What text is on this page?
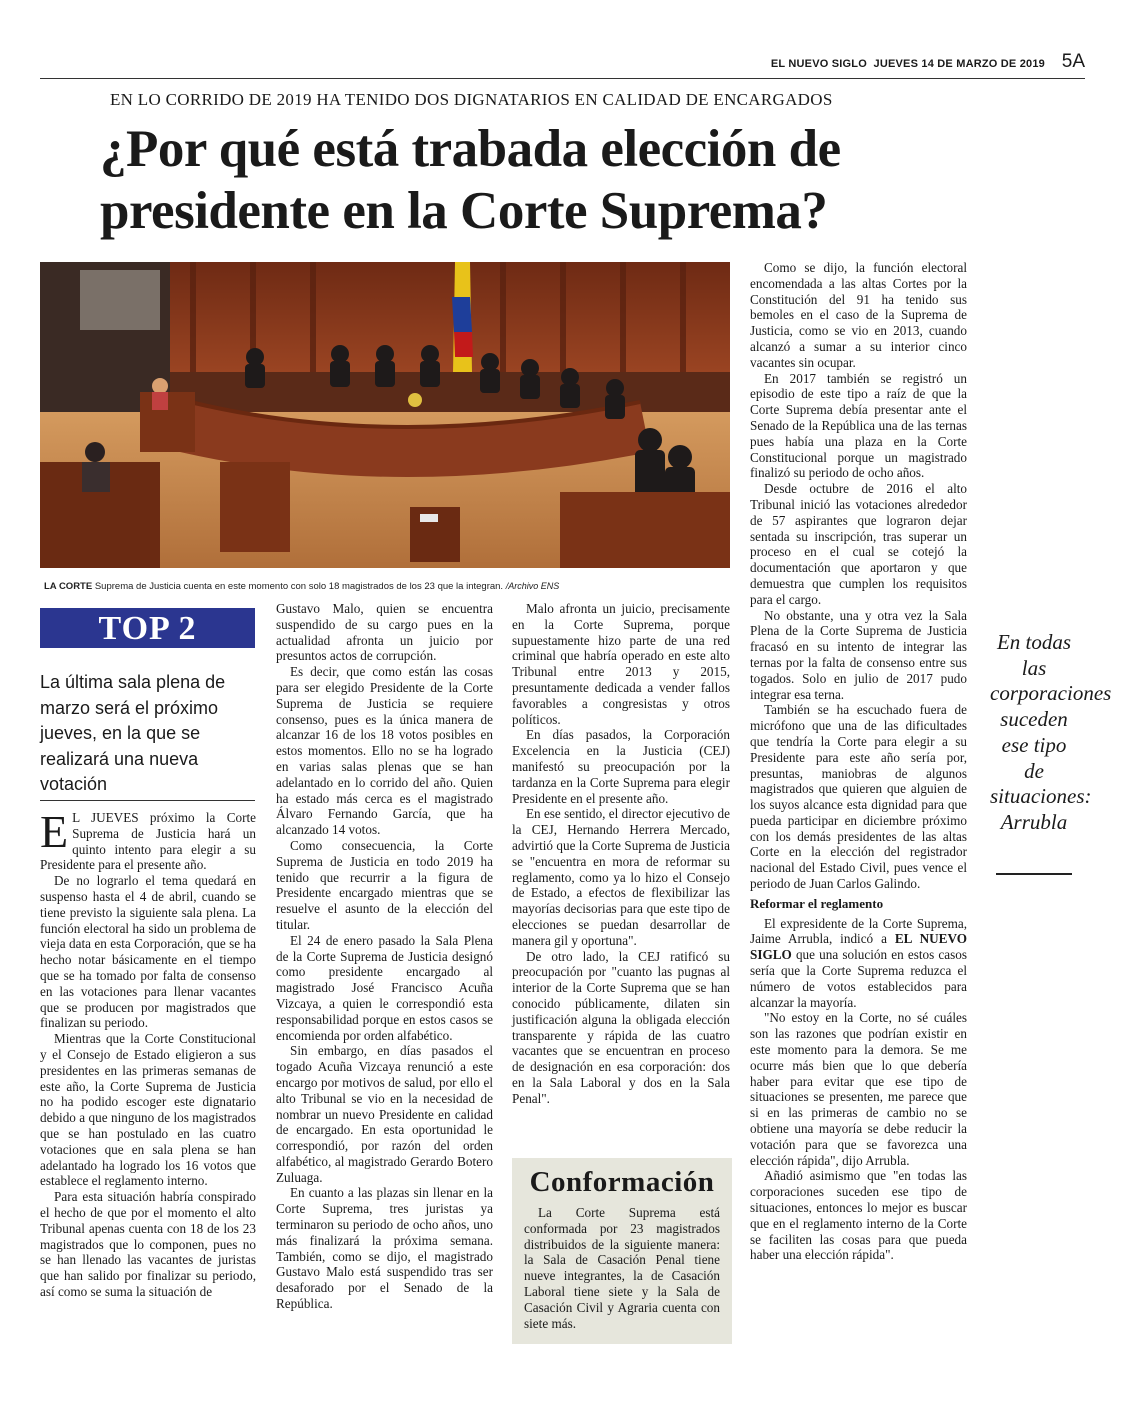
EL NUEVO SIGLO JUEVES 14 DE MARZO DE 2019 5A
EN LO CORRIDO DE 2019 HA TENIDO DOS DIGNATARIOS EN CALIDAD DE ENCARGADOS
¿Por qué está trabada elección de presidente en la Corte Suprema?
LA CORTE Suprema de Justicia cuenta en este momento con solo 18 magistrados de los 23 que la integran. /Archivo ENS
TOP 2
La última sala plena de marzo será el próximo jueves, en la que se realizará una nueva votación

E L JUEVES próximo la Corte Suprema de Justicia hará un quinto intento para elegir a su Presidente para el presente año.

De no lograrlo el tema quedará en suspenso hasta el 4 de abril, cuando se tiene previsto la siguiente sala plena. La función electoral ha sido un problema de vieja data en esta Corporación, que se ha hecho notar básicamente en el tiempo que se ha tomado por falta de consenso en las votaciones para llenar vacantes que se producen por magistrados que finalizan su periodo.

Mientras que la Corte Constitucional y el Consejo de Estado eligieron a sus presidentes en las primeras semanas de este año, la Corte Suprema de Justicia no ha podido escoger este dignatario debido a que ninguno de los magistrados que se han postulado en las cuatro votaciones que en sala plena se han adelantado ha logrado los 16 votos que establece el reglamento interno.

Para esta situación habría conspirado el hecho de que por el momento el alto Tribunal apenas cuenta con 18 de los 23 magistrados que lo componen, pues no se han llenado las vacantes de juristas que han salido por finalizar su periodo, así como se suma la situación de

Gustavo Malo, quien se encuentra suspendido de su cargo pues en la actualidad afronta un juicio por presuntos actos de corrupción.

Es decir, que como están las cosas para ser elegido Presidente de la Corte Suprema de Justicia se requiere consenso, pues es la única manera de alcanzar 16 de los 18 votos posibles en estos momentos. Ello no se ha logrado en varias salas plenas que se han adelantado en lo corrido del año. Quien ha estado más cerca es el magistrado Álvaro Fernando García, que ha alcanzado 14 votos.

Como consecuencia, la Corte Suprema de Justicia en todo 2019 ha tenido que recurrir a la figura de Presidente encargado mientras que se resuelve el asunto de la elección del titular.

El 24 de enero pasado la Sala Plena de la Corte Suprema de Justicia designó como presidente encargado al magistrado José Francisco Acuña Vizcaya, a quien le correspondió esta responsabilidad porque en estos casos se encomienda por orden alfabético.

Sin embargo, en días pasados el togado Acuña Vizcaya renunció a este encargo por motivos de salud, por ello el alto Tribunal se vio en la necesidad de nombrar un nuevo Presidente en calidad de encargado. En esta oportunidad le correspondió, por razón del orden alfabético, al magistrado Gerardo Botero Zuluaga.

En cuanto a las plazas sin llenar en la Corte Suprema, tres juristas ya terminaron su periodo de ocho años, uno más finalizará la próxima semana. También, como se dijo, el magistrado Gustavo Malo está suspendido tras ser desaforado por el Senado de la República.

Malo afronta un juicio, precisamente en la Corte Suprema, porque supuestamente hizo parte de una red criminal que habría operado en este alto Tribunal entre 2013 y 2015, presuntamente dedicada a vender fallos favorables a congresistas y otros políticos.

En días pasados, la Corporación Excelencia en la Justicia (CEJ) manifestó su preocupación por la tardanza en la Corte Suprema para elegir Presidente en el presente año.

En ese sentido, el director ejecutivo de la CEJ, Hernando Herrera Mercado, advirtió que la Corte Suprema de Justicia se "encuentra en mora de reformar su reglamento, como ya lo hizo el Consejo de Estado, a efectos de flexibilizar las mayorías decisorias para que este tipo de elecciones se puedan desarrollar de manera gil y oportuna".

De otro lado, la CEJ ratificó su preocupación por "cuanto las pugnas al interior de la Corte Suprema que se han conocido públicamente, dilaten sin justificación alguna la obligada elección transparente y rápida de las cuatro vacantes que se encuentran en proceso de designación en esa corporación: dos en la Sala Laboral y dos en la Sala Penal".

Conformación

La Corte Suprema está conformada por 23 magistrados distribuidos de la siguiente manera: la Sala de Casación Penal tiene nueve integrantes, la de Casación Laboral tiene siete y la Sala de Casación Civil y Agraria cuenta con siete más.

Como se dijo, la función electoral encomendada a las altas Cortes por la Constitución del 91 ha tenido sus bemoles en el caso de la Suprema de Justicia, como se vio en 2013, cuando alcanzó a sumar a su interior cinco vacantes sin ocupar.

En 2017 también se registró un episodio de este tipo a raíz de que la Corte Suprema debía presentar ante el Senado de la República una de las ternas pues había una plaza en la Corte Constitucional porque un magistrado finalizó su periodo de ocho años.

Desde octubre de 2016 el alto Tribunal inició las votaciones alrededor de 57 aspirantes que lograron dejar sentada su inscripción, tras superar un proceso en el cual se cotejó la documentación que aportaron y que demuestra que cumplen los requisitos para el cargo.

No obstante, una y otra vez la Sala Plena de la Corte Suprema de Justicia fracasó en su intento de integrar las ternas por la falta de consenso entre sus togados. Solo en julio de 2017 pudo integrar esa terna.

También se ha escuchado fuera de micrófono que una de las dificultades que tendría la Corte para elegir a su Presidente para este año sería por, presuntas, maniobras de algunos magistrados que quieren que alguien de los suyos alcance esta dignidad para que pueda participar en diciembre próximo con los demás presidentes de las altas Corte en la elección del registrador nacional del Estado Civil, pues vence el periodo de Juan Carlos Galindo.

Reformar el reglamento

El expresidente de la Corte Suprema, Jaime Arrubla, indicó a EL NUEVO SIGLO que una solución en estos casos sería que la Corte Suprema reduzca el número de votos establecidos para alcanzar la mayoría.

"No estoy en la Corte, no sé cuáles son las razones que podrían existir en este momento para la demora. Se me ocurre más bien que lo que debería haber para evitar que ese tipo de situaciones se presenten, me parece que si en las primeras de cambio no se obtiene una mayoría se debe reducir la votación para que se favorezca una elección rápida", dijo Arrubla.

Añadió asimismo que "en todas las corporaciones suceden ese tipo de situaciones, entonces lo mejor es buscar que en el reglamento interno de la Corte se faciliten las cosas para que pueda haber una elección rápida".

En todas las corporaciones suceden ese tipo de situaciones: Arrubla
